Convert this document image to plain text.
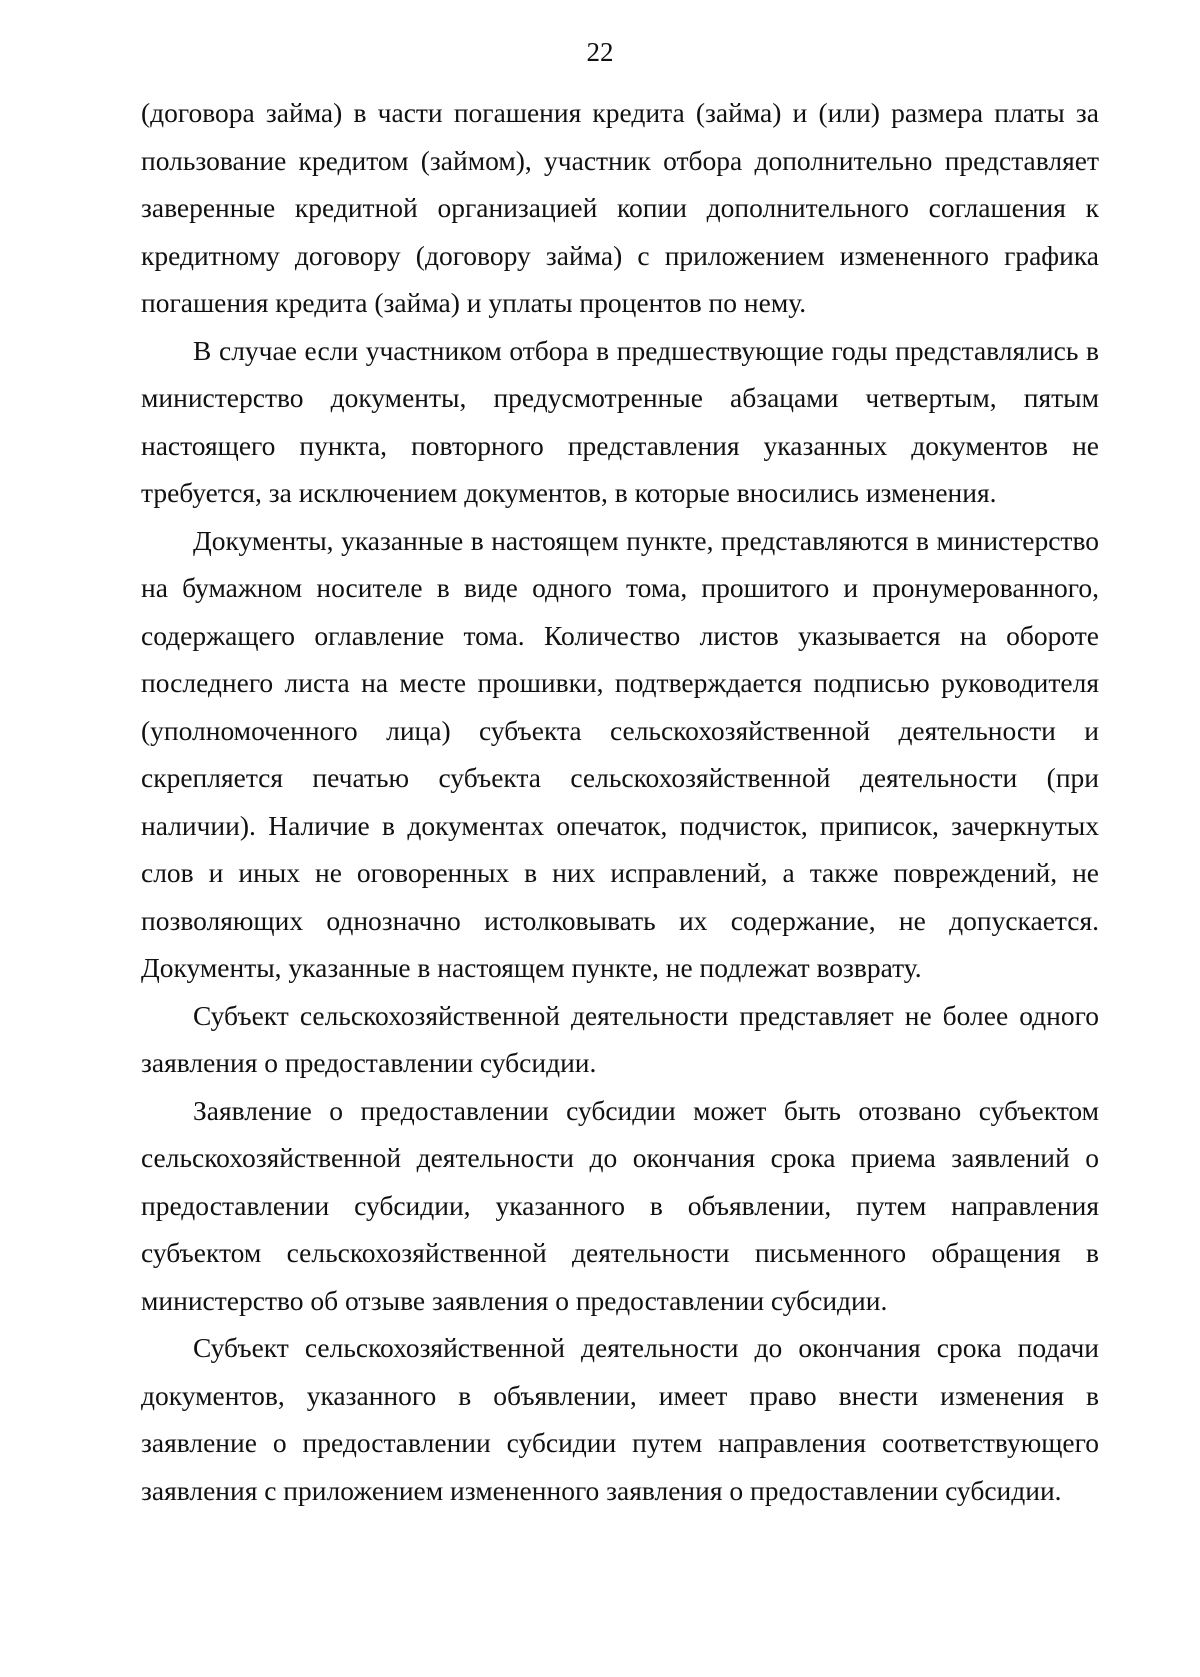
22

(договора займа) в части погашения кредита (займа) и (или) размера платы за пользование кредитом (займом), участник отбора дополнительно представляет заверенные кредитной организацией копии дополнительного соглашения к кредитному договору (договору займа) с приложением измененного графика погашения кредита (займа) и уплаты процентов по нему.

В случае если участником отбора в предшествующие годы представлялись в министерство документы, предусмотренные абзацами четвертым, пятым настоящего пункта, повторного представления указанных документов не требуется, за исключением документов, в которые вносились изменения.

Документы, указанные в настоящем пункте, представляются в министерство на бумажном носителе в виде одного тома, прошитого и пронумерованного, содержащего оглавление тома. Количество листов указывается на обороте последнего листа на месте прошивки, подтверждается подписью руководителя (уполномоченного лица) субъекта сельскохозяйственной деятельности и скрепляется печатью субъекта сельскохозяйственной деятельности (при наличии). Наличие в документах опечаток, подчисток, приписок, зачеркнутых слов и иных не оговоренных в них исправлений, а также повреждений, не позволяющих однозначно истолковывать их содержание, не допускается. Документы, указанные в настоящем пункте, не подлежат возврату.

Субъект сельскохозяйственной деятельности представляет не более одного заявления о предоставлении субсидии.

Заявление о предоставлении субсидии может быть отозвано субъектом сельскохозяйственной деятельности до окончания срока приема заявлений о предоставлении субсидии, указанного в объявлении, путем направления субъектом сельскохозяйственной деятельности письменного обращения в министерство об отзыве заявления о предоставлении субсидии.

Субъект сельскохозяйственной деятельности до окончания срока подачи документов, указанного в объявлении, имеет право внести изменения в заявление о предоставлении субсидии путем направления соответствующего заявления с приложением измененного заявления о предоставлении субсидии.
